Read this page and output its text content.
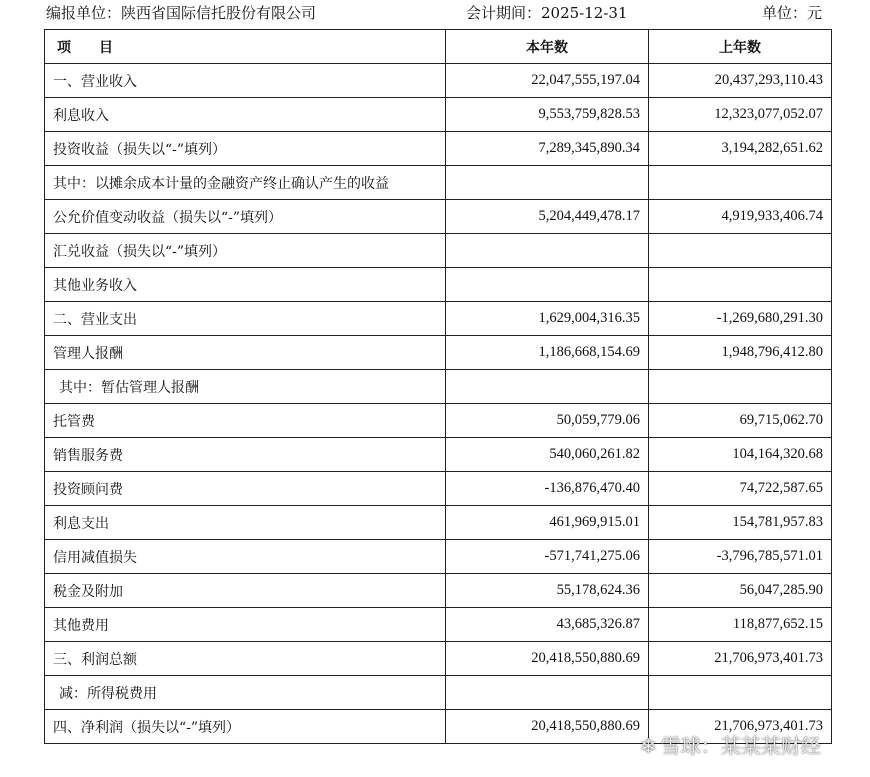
编报单位：陕西省国际信托股份有限公司	会计期间：2025-12-31	单位：元
项　　目	本年数	上年数
一、营业收入	22,047,555,197.04	20,437,293,110.43
利息收入	9,553,759,828.53	12,323,077,052.07
投资收益（损失以“-”填列）	7,289,345,890.34	3,194,282,651.62
其中：以摊余成本计量的金融资产终止确认产生的收益		
公允价值变动收益（损失以“-”填列）	5,204,449,478.17	4,919,933,406.74
汇兑收益（损失以“-”填列）		
其他业务收入		
二、营业支出	1,629,004,316.35	-1,269,680,291.30
管理人报酬	1,186,668,154.69	1,948,796,412.80
其中：暂估管理人报酬		
托管费	50,059,779.06	69,715,062.70
销售服务费	540,060,261.82	104,164,320.68
投资顾问费	-136,876,470.40	74,722,587.65
利息支出	461,969,915.01	154,781,957.83
信用减值损失	-571,741,275.06	-3,796,785,571.01
税金及附加	55,178,624.36	56,047,285.90
其他费用	43,685,326.87	118,877,652.15
三、利润总额	20,418,550,880.69	21,706,973,401.73
减：所得税费用		
四、净利润（损失以“-”填列）	20,418,550,880.69	21,706,973,401.73
❄ 雪球：某某某财经
